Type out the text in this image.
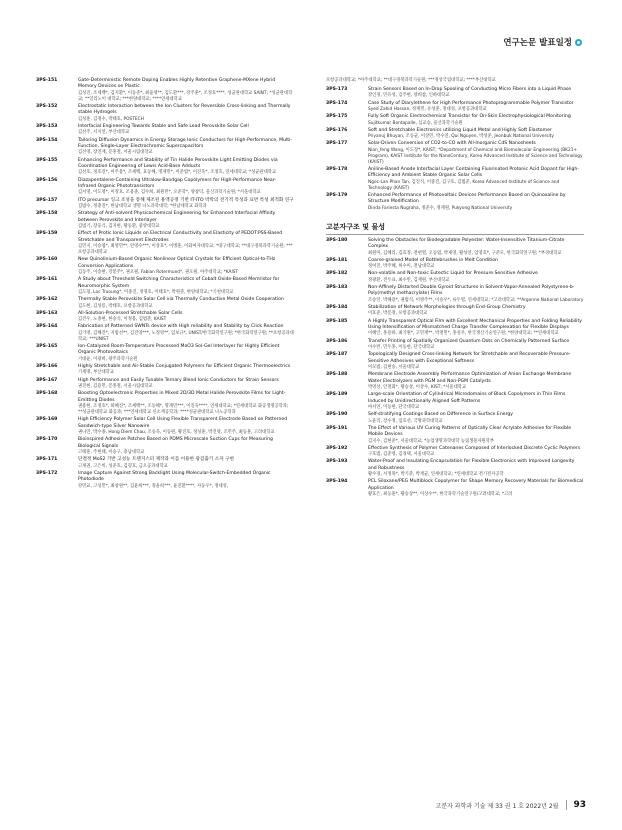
연구논문 발표일정
3PS-151	Gate-Deterministic Remote Doping Enables Highly Retentive Graphene-MXene Hybrid Memory Devices on Plastic
김성진, 조세백*, 김지환*, 이동준*, 최윤영**, 김도환***, 강주훈*, 조정호****, 성균관대학교 SAINT; *성균관대학교; **일리노이 대학교; ***한양대학교; ****연세대학교
3PS-152	Electrostatic Interaction between the Ion Clusters for Reversible Cross-linking and Thermally stable Hydrogels
김성훈, 김정수, 박태호, POSTECH
3PS-153	Interfacial Engineering Towards Stable and Safe Lead Perovskite Solar Cell
김선주, 서지연, 부산대학교
3PS-154	Tailoring Diffusion Dynamics in Energy Storage Ionic Conductors for High-Performance, Multi-Function, Single-Layer Electrochromic Supercapacitors
김선영, 장연재, 문홍철, 서울시립대학교
3PS-155	Enhancing Performance and Stability of Tin Halide Perovskite Light Emitting Diodes via Coordination Engineering of Lewis Acid-Base Adducts
김선호, 정호진*, 이주용*, 조세백, 효동혜, 명재민*, 이준엽*, 이진욱*, 조정호, 연세대학교; *성균관대학교
3PS-156	Diazapentalene-Containing Ultralow-Bandgap Copolymers for High-Performance Near-Infrared Organic Phototransistors
김서영, 이도영*, 이정호, 조용준, 김수희, 최원빈*, 오준학*, 양창덕, 울산과학기술원; *서울대학교
3PS-157	ITO precursor 잉크 조성을 통해 제조된 용액공정 기반 IT-ITO 박막의 전기적 특성과 표면 특성 최적화 연구
김범수, 정충진*, 한남대학교 생명 나노과학대학; *한남대학교 화학과
3PS-158	Strategy of Anti-solvent Physicochemical Engineering for Enhanced Interfacial Affinity between Perovskite and Interlayer
김범기, 장웅식, 김지현, 황동환, 중앙대학교
3PS-159	Effect of Protic Ionic Liquids on Electrical Conductivity and Elasticity of PEDOT:PSS-Based Stretchable and Transparent Electrodes
김민지, 이승엽*, 최영민**, 안영수***, 이상호*, 이병훈, 이화여자대학교; *대구대학교; **대구경북과학기술원; ***포항공과대학교
3PS-160	New Quinolinium-Based Organic Nonlinear Optical Crystals for Efficient Optical-to-THz Conversion Applications
김동주, 이송현, 강봉주*, 권오필, Fabian Rotermund*, 권오필, 아주대학교; *KAIST
3PS-161	A Study about Threshold Switching Characteristics of Cobalt Oxide-Based Memristor for Neuromorphic System
김도형, Loc Truoung*, 이종진, 정영호, 이태호*, 박원준, 한양대학교; *기천대학교
3PS-162	Thermally Stable Perovskite Solar Cell via Thermally Conductive Metal Oxide Cooperation
김도현, 김성룡, 박태호, 포항공과대학교
3PS-163	All-Solution-Processed Stretchable Solar Cells
김건우, 노종현, 한승석, 이정용, 김범준, KAIST
3PS-164	Fabrication of Patterned SWNTs device with High reliability and Stability by Click Reaction
김가영, 김해진*, 지범선**, 김진영***, 노정영**, 임보규*, UNIST/한국화학연구원; *한국화학연구원; **포항공과대학교; ***UNIST
3PS-165	Ion-Catalyzed Room-Temperature Processed MoO3 Sol-Gel Interlayer for Highly Efficient Organic Photovoltaics
기대윤, 이광희, 광주과학기술원
3PS-166	Highly Stretchable and Air-Stable Conjugated Polymers for Efficient Organic Thermoelectrics
기세명, 부산대학교
3PS-167	High Performance and Easily Tunable Ternary Blend Ionic Conductors for Strain Sensors
권진현, 김용민, 문홍철, 서울시립대학교
3PS-168	Boosting Optoelectronic Properties in Mixed 2D/3D Metal Halide Perovskite Films for Light-Emitting Diodes
권용현, 조정호*, 하혜진*, 조세백**, 조동혜*, 명재민***, 이진욱****, 연세대학교; *연세대학교 화공생명공학과; **성균관대학교 화공과; ***연세대학교 신소재공학과; ****성균관대학교 나노공학과
3PS-169	High Efficiency Polymer Solar Cell Using Flexible Transparent Electrode Based on Patterned Sandwich-type Silver Nanowire
권나연, 박수종, Hong Diem Chau, 조승욱, 이동원, 황진호, 정성훈, 박진영, 조민주, 최동훈, 고려대학교
3PS-170	Bioinspired Adhesive Patches Based on PDMS Microscale Suction Cups for Measuring Biological Signals
고태훈, 주현태, 이승구, 충남대학교
3PS-171	단결정 MoS2 기반 고성능 트랜지스터 제작과 이를 이용한 광검출기 소자 구현
고재권, 고은비, 성준호, 김형호, 금오공과대학교
3PS-172	Image Capture Against Strong Backlight Using Molecular-Switch-Embedded Organic Photodiode
강민교, 고성민*, 최창원**, 김윤희***, 정윤희***, 윤진환****, 자동우*, 정대성,
포항공과대학교; *아주대학교; **대구경북과학기술원; ***경상국립대학교; ****부산대학교
3PS-173	Strain Sensors Based on In-Drop Spooling of Conducting Micro Fibers into a Liquid Phase
강인경, 민유성, 김주현, 양희참, 인하대학교
3PS-174	Case Study of Diarylethene for High Performance Photoprogrammable Polymer Transistor
Syed Zahid Hassan, 정재민, 유성훈, 정대성, 포항공과대학교
3PS-175	Fully Soft Organic Electrochemical Transistor for On-Skin Electrophysiological Monitoring
Sujitkumar Bontapalle, 심교승, 울산과학기술원
3PS-176	Soft and Stretchable Electronics utilizing Liquid Metal and Highly Soft Elastomer
Priyanuj Bhuyan, 조동균, 이상민, 박수연, Qui Nguyen, 박성준, Jeonbuk National University
3PS-177	Solar-Driven Conversion of CO2-to-CO with All-Inorganic CdS Nanosheets
Nian_feng Wang, 이도장*, KAIST; *Department of Chemical and Biomolecular Engineering (BK21+ Program), KAIST Institute for the NanoCentury, Korea Advanced Institute of Science and Technology (KAIST)
3PS-178	Aniline-Based Anode Interfacial Layer Containing Fluorinated Protonic Acid Dopant for High-Efficiency and Ambient Stable Organic Solar Cells
Ngoc-Lan Phan Tan, 김진석, 이중진, 김구호, 김범준, Korea Advanced Institute of Science and Technology (KAIST)
3PS-179	Enhanced Performance of Photovoltaic Devices Performance Based on Quinoxaline by Structure Modification
Dinda Fariesta Nugraha, 정준수, 정재원, Pukyong National University
고분자구조 및 물성
3PS-180	Solving the Obstacles for Biodegradable Polyester: Water-Insensitive Titanium-Citrate Complex
최원미, 김혜리, 김효정, 전현열, 오동엽, 박제영, 황성연, 엄영호*, 구준모, 한국화학연구원; *부경대학교
3PS-181	Coarse-grained Model of Bottlebrushes in Melt Condition
정여진, 박주혜, 허수미, 전남대학교
3PS-182	Non-volatile and Non-toxic Eutectic Liquid for Pressure Sensitive Adhesive
정광환, 전두표, 최수빈, 김재원, 부산대학교
3PS-183	Non-Affinely Distorted Double Gyroid Structures in Solvent-Vapor-Annealed Polystyrene-b-Poly(methyl methacrylate) Films
조승연, 박해용*, 권범석, 이병주**, 이승우*, 류두열, 연세대학교; *고려대학교; **Argonne National Laboratory
3PS-184	Stabilization of Network Morphologies through End-Group Chemistry
이효준, 박문정, 포항공과대학교
3PS-185	A Highly Transparent Optical Film with Excellent Mechanical Properties and Folding Reliability Using Intensification of Mismatched Charge Transfer Complexation for Flexible Displays
이혜인, 홍용하, 최기원*, 고민재**, 박철민*, 홍성우, 한국생산기술연구원; *한양대학교; **연세대학교
3PS-186	Transfer Printing of Spatially Organized Quantum Dots on Chemically Patterned Surface
이수빈, 민두홍, 이동현, 단국대학교
3PS-187	Topologically Designed Cross-linking Network for Stretchable and Recoverable Pressure-Sensitive Adhesives with Exceptional Softness
이모범, 김현승, 서울대학교
3PS-188	Membrane Electrode Assembly Performance Optimization of Anion Exchange Membrane Water Electrolyzers with PGM and Non-PGM Catalysts
박영상, 안철회*, 황승상, 이상수, KIST; *서울대학교
3PS-189	Large-scale Orientation of Cylindrical Microdomains of Block Copolymers in Thin Films Induced by Unidirectionally Aligned Soft Patterns
마서연, 이동현, 단국대학교
3PS-190	Self-stratifying Coatings Based on Difference in Surface Energy
노윤리, 장수정, 임호선, 국방과학대학교
3PS-191	The Effect of Various UV Curing Patterns of Optically Clear Acrylate Adhesive for Flexible Mobile Devices
김지수, 김현준*, 서울대학교; *농업생명과학대학 농림생물자원학부
3PS-192	Effective Synthesis of Polymer Catenanes Composed of Interlocked Discrete Cyclic Polymers
구호범, 김준영, 김경택, 서울대학교
3PS-193	Water-Proof and Insulating Encapsulation for Flexible Electronics with Improved Longevity and Robustness
황수경, 서정목*, 박기준, 박재균, 연세대학교; *연세대학교 전기전자공학
3PS-194	PCL Siloxane/PEG Multiblock Copolymer for Shape Memory Recovery Materials for Biomedical Application
황효은, 최동훈*, 황승상**, 이상수**, 한국과학기술연구원/고려대학교; *고려
고분자 과학과 기술 제 33 권 1 호 2022년 2월	93
